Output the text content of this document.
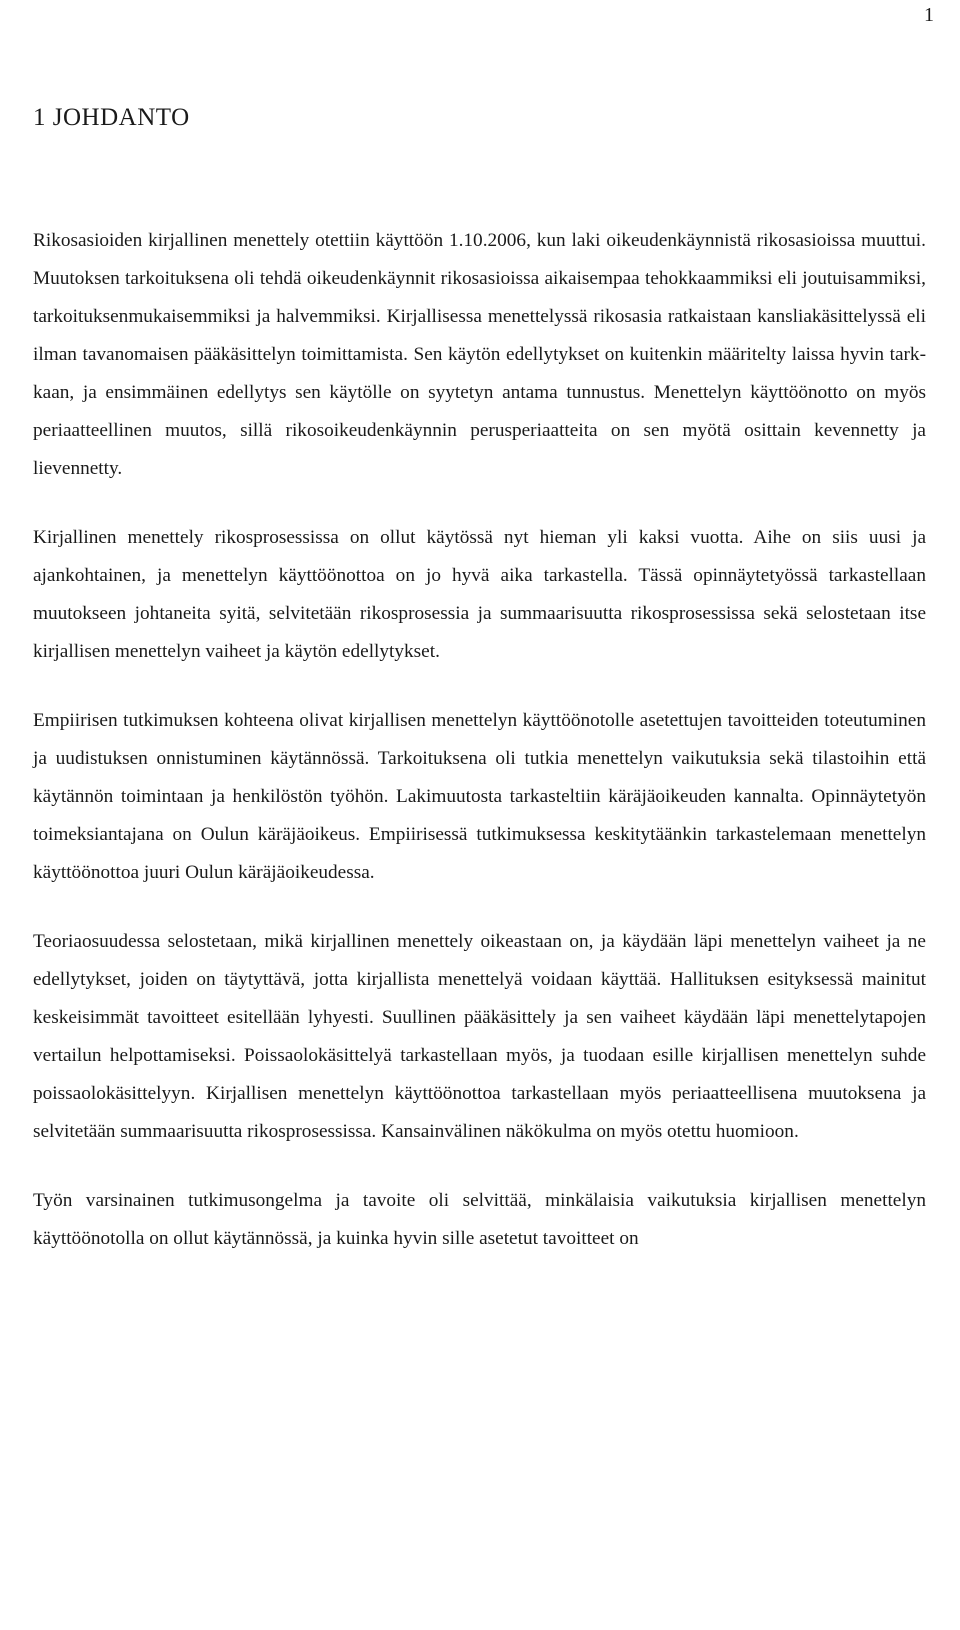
1
1 JOHDANTO

Rikosasioiden kirjallinen menettely otettiin käyttöön 1.10.2006, kun laki oikeudenkäynnistä rikosasioissa muuttui. Muutoksen tarkoituksena oli tehdä oikeudenkäynnit rikosasioissa aikaisempaa tehokkaammiksi eli joutuisammiksi, tarkoituksenmukaisemmiksi ja halvemmiksi. Kirjallisessa menettelyssä rikosasia ratkaistaan kansliakäsittelyssä eli ilman tavanomaisen pääkäsittelyn toimittamista. Sen käytön edellytykset on kuitenkin määritelty laissa hyvin tarkkaan, ja ensimmäinen edellytys sen käytölle on syytetyn antama tunnustus. Menettelyn käyttöönotto on myös periaatteellinen muutos, sillä rikosoikeudenkäynnin perusperiaatteita on sen myötä osittain kevennetty ja lievennetty.

Kirjallinen menettely rikosprosessissa on ollut käytössä nyt hieman yli kaksi vuotta. Aihe on siis uusi ja ajankohtainen, ja menettelyn käyttöönottoa on jo hyvä aika tarkastella. Tässä opinnäytetyössä tarkastellaan muutokseen johtaneita syitä, selvitetään rikosprosessia ja summaarisuutta rikosprosessissa sekä selostetaan itse kirjallisen menettelyn vaiheet ja käytön edellytykset.

Empiirisen tutkimuksen kohteena olivat kirjallisen menettelyn käyttöönotolle asetettujen tavoitteiden toteutuminen ja uudistuksen onnistuminen käytännössä. Tarkoituksena oli tutkia menettelyn vaikutuksia sekä tilastoihin että käytännön toimintaan ja henkilöstön työhön. Lakimuutosta tarkasteltiin käräjäoikeuden kannalta. Opinnäytetyön toimeksiantajana on Oulun käräjäoikeus. Empiirisessä tutkimuksessa keskitytäänkin tarkastelemaan menettelyn käyttöönottoa juuri Oulun käräjäoikeudessa.

Teoriaosuudessa selostetaan, mikä kirjallinen menettely oikeastaan on, ja käydään läpi menettelyn vaiheet ja ne edellytykset, joiden on täytyttävä, jotta kirjallista menettelyä voidaan käyttää. Hallituksen esityksessä mainitut keskeisimmät tavoitteet esitellään lyhyesti. Suullinen pääkäsittely ja sen vaiheet käydään läpi menettelytapojen vertailun helpottamiseksi. Poissaolokäsittelyä tarkastellaan myös, ja tuodaan esille kirjallisen menettelyn suhde poissaolokäsittelyyn. Kirjallisen menettelyn käyttöönottoa tarkastellaan myös periaatteellisena muutoksena ja selvitetään summaarisuutta rikosprosessissa. Kansainvälinen näkökulma on myös otettu huomioon.

Työn varsinainen tutkimusongelma ja tavoite oli selvittää, minkälaisia vaikutuksia kirjallisen menettelyn käyttöönotolla on ollut käytännössä, ja kuinka hyvin sille asetetut tavoitteet on
